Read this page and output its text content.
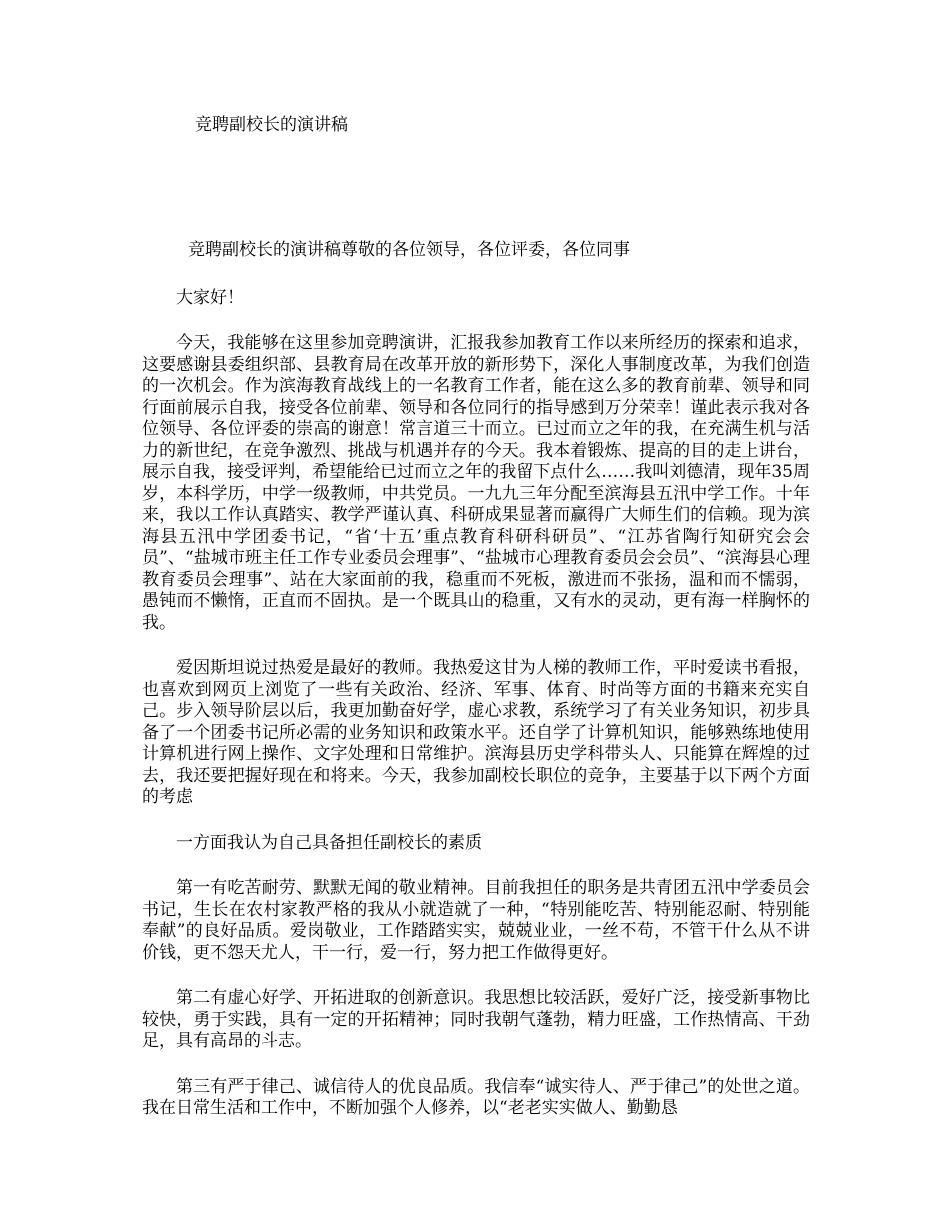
竞聘副校长的演讲稿

竞聘副校长的演讲稿尊敬的各位领导，各位评委，各位同事

大家好！

今天，我能够在这里参加竞聘演讲，汇报我参加教育工作以来所经历的探索和追求，这要感谢县委组织部、县教育局在改革开放的新形势下，深化人事制度改革，为我们创造的一次机会。作为滨海教育战线上的一名教育工作者，能在这么多的教育前辈、领导和同行面前展示自我，接受各位前辈、领导和各位同行的指导感到万分荣幸！谨此表示我对各位领导、各位评委的崇高的谢意！常言道三十而立。已过而立之年的我，在充满生机与活力的新世纪，在竞争激烈、挑战与机遇并存的今天。我本着锻炼、提高的目的走上讲台，展示自我，接受评判，希望能给已过而立之年的我留下点什么……我叫刘德清，现年35周岁，本科学历，中学一级教师，中共党员。一九九三年分配至滨海县五汛中学工作。十年来，我以工作认真踏实、教学严谨认真、科研成果显著而赢得广大师生们的信赖。现为滨海县五汛中学团委书记，“省‘十五’重点教育科研科研员”、“江苏省陶行知研究会会员”、“盐城市班主任工作专业委员会理事”、“盐城市心理教育委员会会员”、“滨海县心理教育委员会理事”、站在大家面前的我，稳重而不死板，激进而不张扬，温和而不懦弱，愚钝而不懒惰，正直而不固执。是一个既具山的稳重，又有水的灵动，更有海一样胸怀的我。

爱因斯坦说过热爱是最好的教师。我热爱这甘为人梯的教师工作，平时爱读书看报，也喜欢到网页上浏览了一些有关政治、经济、军事、体育、时尚等方面的书籍来充实自己。步入领导阶层以后，我更加勤奋好学，虚心求教，系统学习了有关业务知识，初步具备了一个团委书记所必需的业务知识和政策水平。还自学了计算机知识，能够熟练地使用计算机进行网上操作、文字处理和日常维护。滨海县历史学科带头人、只能算在辉煌的过去，我还要把握好现在和将来。今天，我参加副校长职位的竞争，主要基于以下两个方面的考虑

一方面我认为自己具备担任副校长的素质

第一有吃苦耐劳、默默无闻的敬业精神。目前我担任的职务是共青团五汛中学委员会书记，生长在农村家教严格的我从小就造就了一种，“特别能吃苦、特别能忍耐、特别能奉献”的良好品质。爱岗敬业，工作踏踏实实，兢兢业业，一丝不苟，不管干什么从不讲价钱，更不怨天尤人，干一行，爱一行，努力把工作做得更好。

第二有虚心好学、开拓进取的创新意识。我思想比较活跃，爱好广泛，接受新事物比较快，勇于实践，具有一定的开拓精神；同时我朝气蓬勃，精力旺盛，工作热情高、干劲足，具有高昂的斗志。

第三有严于律己、诚信待人的优良品质。我信奉“诚实待人、严于律己”的处世之道。我在日常生活和工作中，不断加强个人修养，以“老老实实做人、勤勤恳
